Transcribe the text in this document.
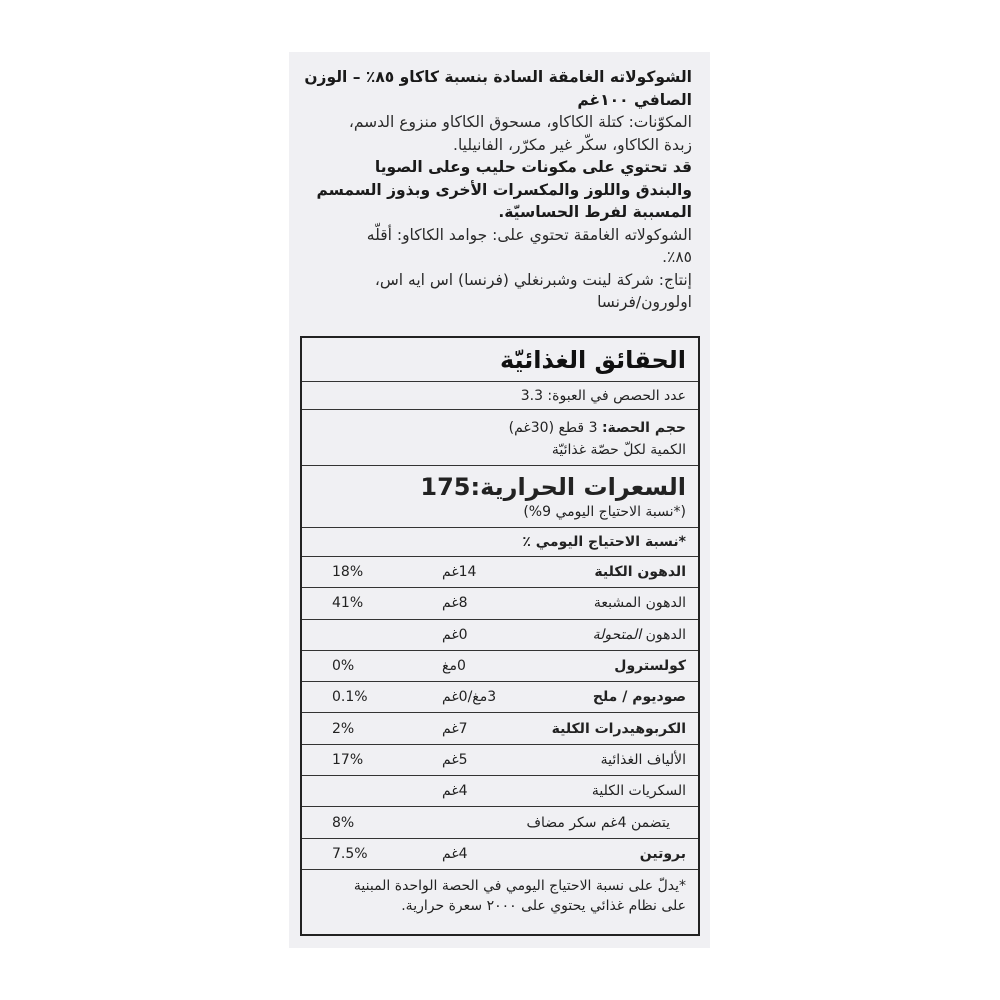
الشوكولاته الغامقة السادة بنسبة كاكاو ٨٥٪ – الوزن

الصافي ١٠٠غم

المكوّنات: كتلة الكاكاو، مسحوق الكاكاو منزوع الدسم،

زبدة الكاكاو، سكّر غير مكرّر، الفانيليا.

قد تحتوي على مكونات حليب وعلى الصويا

والبندق واللوز والمكسرات الأخرى وبذوز السمسم

المسببة لفرط الحساسيّة.

الشوكولاته الغامقة تحتوي على: جوامد الكاكاو: أقلّه

٨٥٪.

إنتاج: شركة لينت وشبرنغلي (فرنسا) اس ايه اس،

اولورون/فرنسا

الحقائق الغذائيّة
عدد الحصص في العبوة: 3.3
حجم الحصة: 3 قطع (30غم)
الكمية لكلّ حصّة غذائيّة
السعرات الحرارية:175
(*نسبة الاحتياج اليومي 9%)
*نسبة الاحتياج اليومي ٪
الدهون الكلية
14غم
18%
الدهون المشبعة
8غم
41%
الدهون المتحولة
0غم
كولسترول
0مغ
0%
صوديوم / ملح
3مغ/0غم
0.1%
الكربوهيدرات الكلية
7غم
2%
الألياف الغذائية
5غم
17%
السكريات الكلية
4غم
يتضمن 4غم سكر مضاف
8%
بروتين
4غم
7.5%
*يدلّ على نسبة الاحتياج اليومي في الحصة الواحدة المبنية
على نظام غذائي يحتوي على ٢٠٠٠ سعرة حرارية.
